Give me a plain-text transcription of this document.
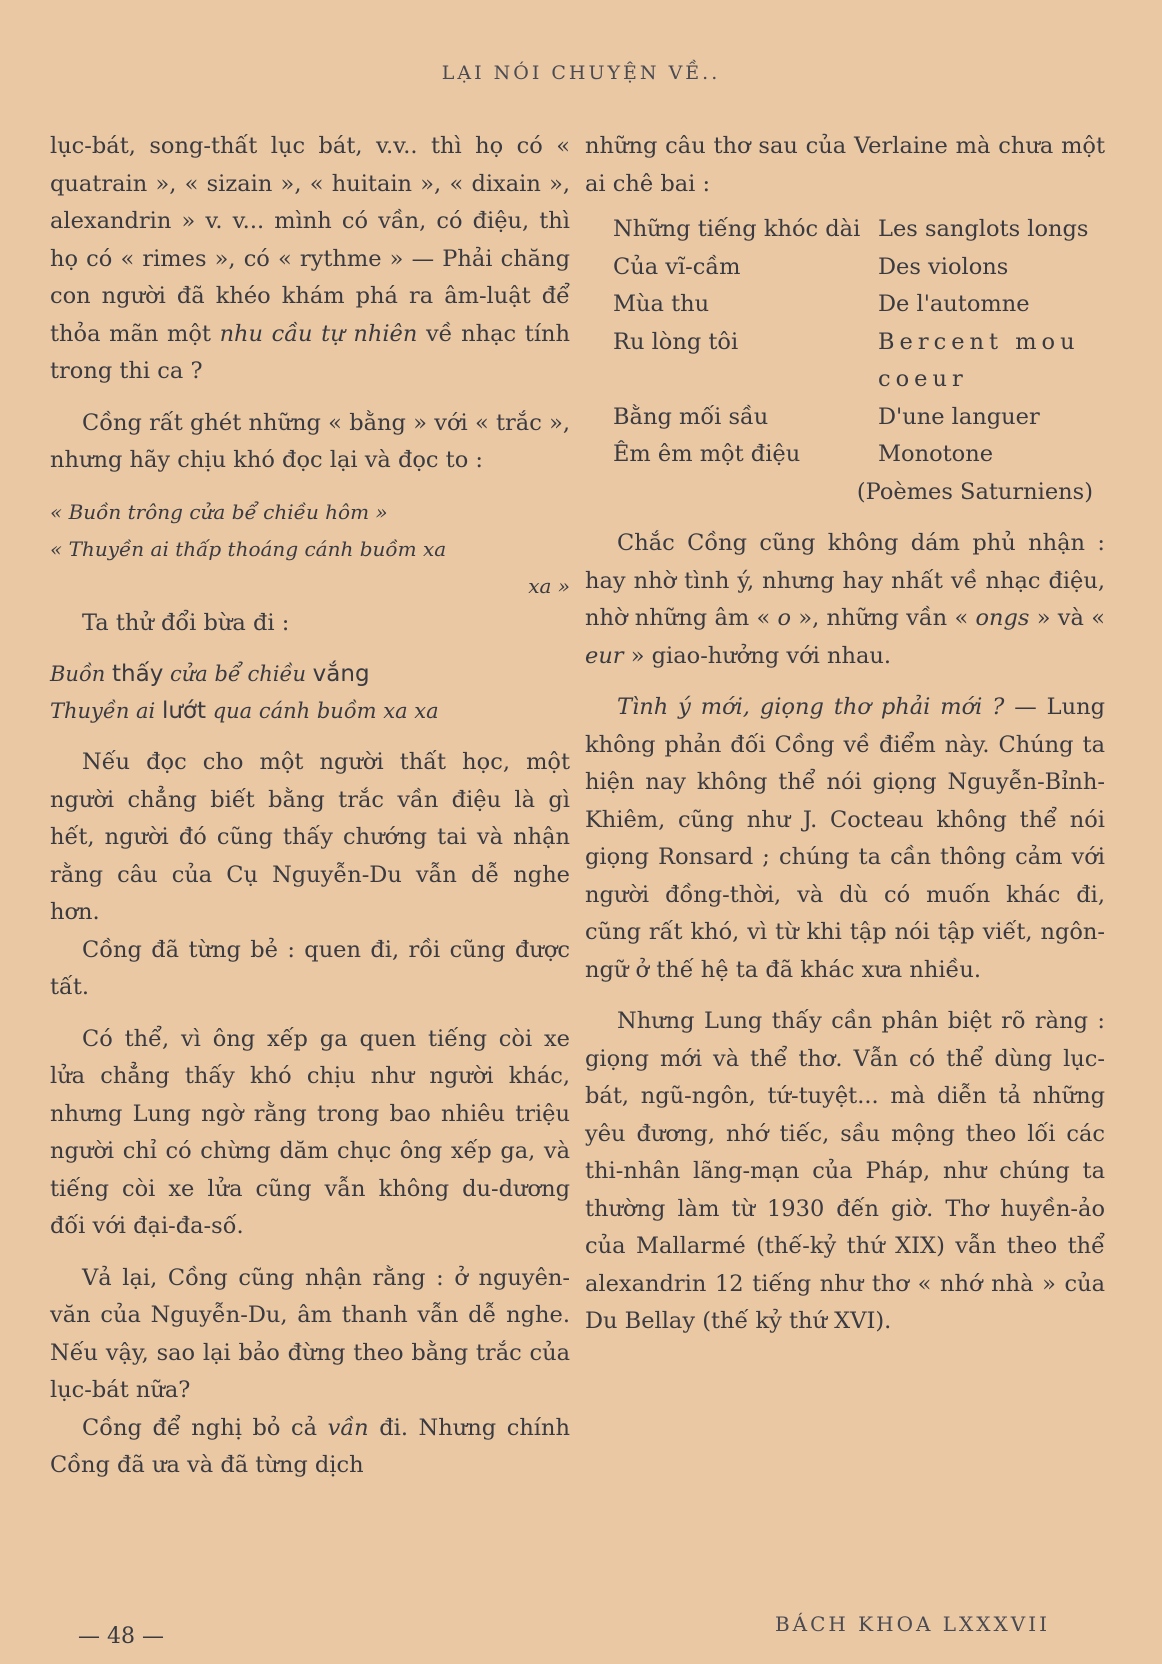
LẠI NÓI CHUYỆN VỀ..

lục-bát, song-thất lục bát, v.v.. thì họ có « quatrain », « sizain », « huitain », « dixain », alexandrin » v. v... mình có vần, có điệu, thì họ có « rimes », có « rythme » — Phải chăng con người đã khéo khám phá ra âm-luật để thỏa mãn một nhu cầu tự nhiên về nhạc tính trong thi ca ?

Cồng rất ghét những « bằng » với « trắc », nhưng hãy chịu khó đọc lại và đọc to :

« Buồn trông cửa bể chiều hôm »

« Thuyền ai thấp thoáng cánh buồm xa

xa »

Ta thử đổi bừa đi :

Buồn thấy cửa bể chiều vắng

Thuyền ai lướt qua cánh buồm xa xa

Nếu đọc cho một người thất học, một người chẳng biết bằng trắc vần điệu là gì hết, người đó cũng thấy chướng tai và nhận rằng câu của Cụ Nguyễn-Du vẫn dễ nghe hơn.

Cồng đã từng bẻ : quen đi, rồi cũng được tất.

Có thể, vì ông xếp ga quen tiếng còi xe lửa chẳng thấy khó chịu như người khác, nhưng Lung ngờ rằng trong bao nhiêu triệu người chỉ có chừng dăm chục ông xếp ga, và tiếng còi xe lửa cũng vẫn không du-dương đối với đại-đa-số.

Vả lại, Cồng cũng nhận rằng : ở nguyên-văn của Nguyễn-Du, âm thanh vẫn dễ nghe. Nếu vậy, sao lại bảo đừng theo bằng trắc của lục-bát nữa?

Cồng để nghị bỏ cả vần đi. Nhưng chính Cồng đã ưa và đã từng dịch

những câu thơ sau của Verlaine mà chưa một ai chê bai :

Những tiếng khóc dài	Les sanglots longs
Của vĩ-cầm	Des violons
Mùa thu	De l'automne
Ru lòng tôi	Bercent mou coeur
Bằng mối sầu	D'une languer
Êm êm một điệu	Monotone
(Poèmes Saturniens)	

Chắc Cồng cũng không dám phủ nhận : hay nhờ tình ý, nhưng hay nhất về nhạc điệu, nhờ những âm « o », những vần « ongs » và « eur » giao-hưởng với nhau.

Tình ý mới, giọng thơ phải mới ? — Lung không phản đối Cồng về điểm này. Chúng ta hiện nay không thể nói giọng Nguyễn-Bỉnh-Khiêm, cũng như J. Cocteau không thể nói giọng Ronsard ; chúng ta cần thông cảm với người đồng-thời, và dù có muốn khác đi, cũng rất khó, vì từ khi tập nói tập viết, ngôn-ngữ ở thế hệ ta đã khác xưa nhiều.

Nhưng Lung thấy cần phân biệt rõ ràng : giọng mới và thể thơ. Vẫn có thể dùng lục-bát, ngũ-ngôn, tứ-tuyệt... mà diễn tả những yêu đương, nhớ tiếc, sầu mộng theo lối các thi-nhân lãng-mạn của Pháp, như chúng ta thường làm từ 1930 đến giờ. Thơ huyền-ảo của Mallarmé (thế-kỷ thứ XIX) vẫn theo thể alexandrin 12 tiếng như thơ « nhớ nhà » của Du Bellay (thế kỷ thứ XVI).

— 48 —	BÁCH KHOA LXXXVII
